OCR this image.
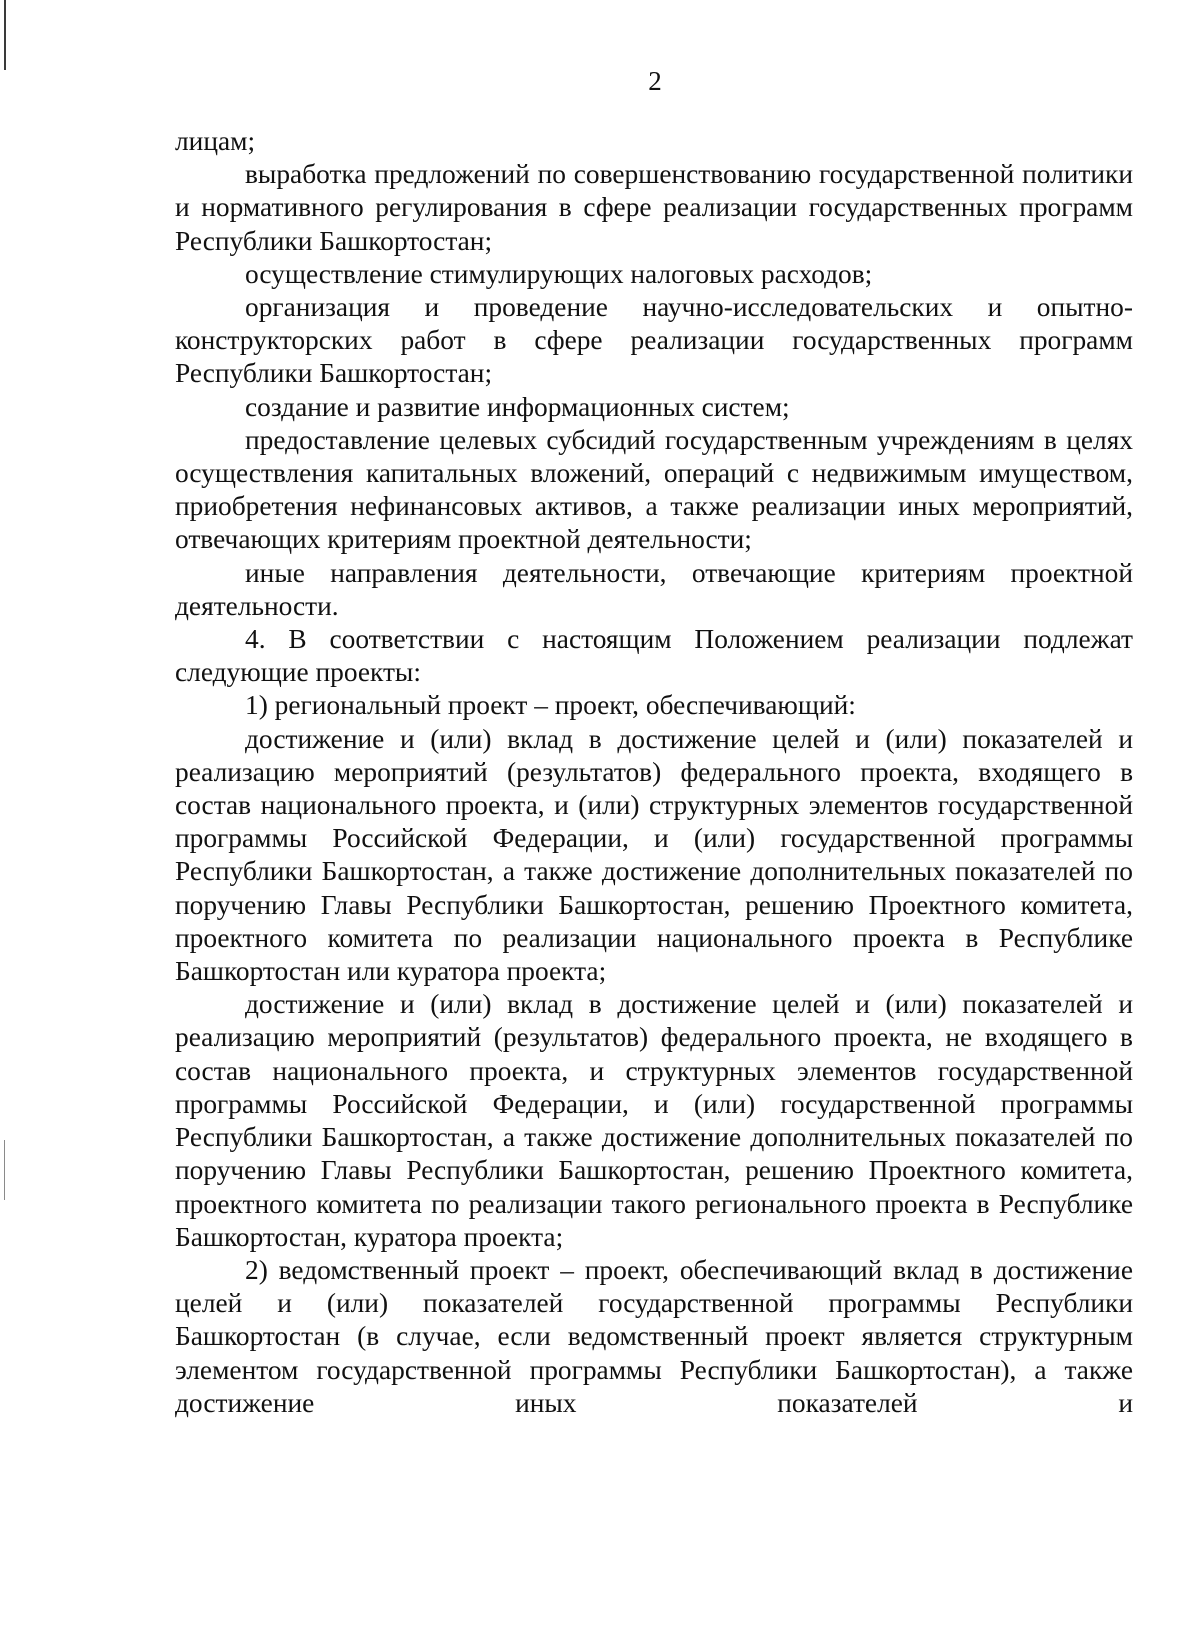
2

лицам;

выработка предложений по совершенствованию государственной политики и нормативного регулирования в сфере реализации государственных программ Республики Башкортостан;

осуществление стимулирующих налоговых расходов;

организация и проведение научно-исследовательских и опытно-конструкторских работ в сфере реализации государственных программ Республики Башкортостан;

создание и развитие информационных систем;

предоставление целевых субсидий государственным учреждениям в целях осуществления капитальных вложений, операций с недвижимым имуществом, приобретения нефинансовых активов, а также реализации иных мероприятий, отвечающих критериям проектной деятельности;

иные направления деятельности, отвечающие критериям проектной деятельности.

4. В соответствии с настоящим Положением реализации подлежат следующие проекты:

1) региональный проект – проект, обеспечивающий:

достижение и (или) вклад в достижение целей и (или) показателей и реализацию мероприятий (результатов) федерального проекта, входящего в состав национального проекта, и (или) структурных элементов государственной программы Российской Федерации, и (или) государственной программы Республики Башкортостан, а также достижение дополнительных показателей по поручению Главы Республики Башкортостан, решению Проектного комитета, проектного комитета по реализации национального проекта в Республике Башкортостан или куратора проекта;

достижение и (или) вклад в достижение целей и (или) показателей и реализацию мероприятий (результатов) федерального проекта, не входящего в состав национального проекта, и структурных элементов государственной программы Российской Федерации, и (или) государственной программы Республики Башкортостан, а также достижение дополнительных показателей по поручению Главы Республики Башкортостан, решению Проектного комитета, проектного комитета по реализации такого регионального проекта в Республике Башкортостан, куратора проекта;

2) ведомственный проект – проект, обеспечивающий вклад в достижение целей и (или) показателей государственной программы Республики Башкортостан (в случае, если ведомственный проект является структурным элементом государственной программы Республики Башкортостан), а также достижение иных показателей и
